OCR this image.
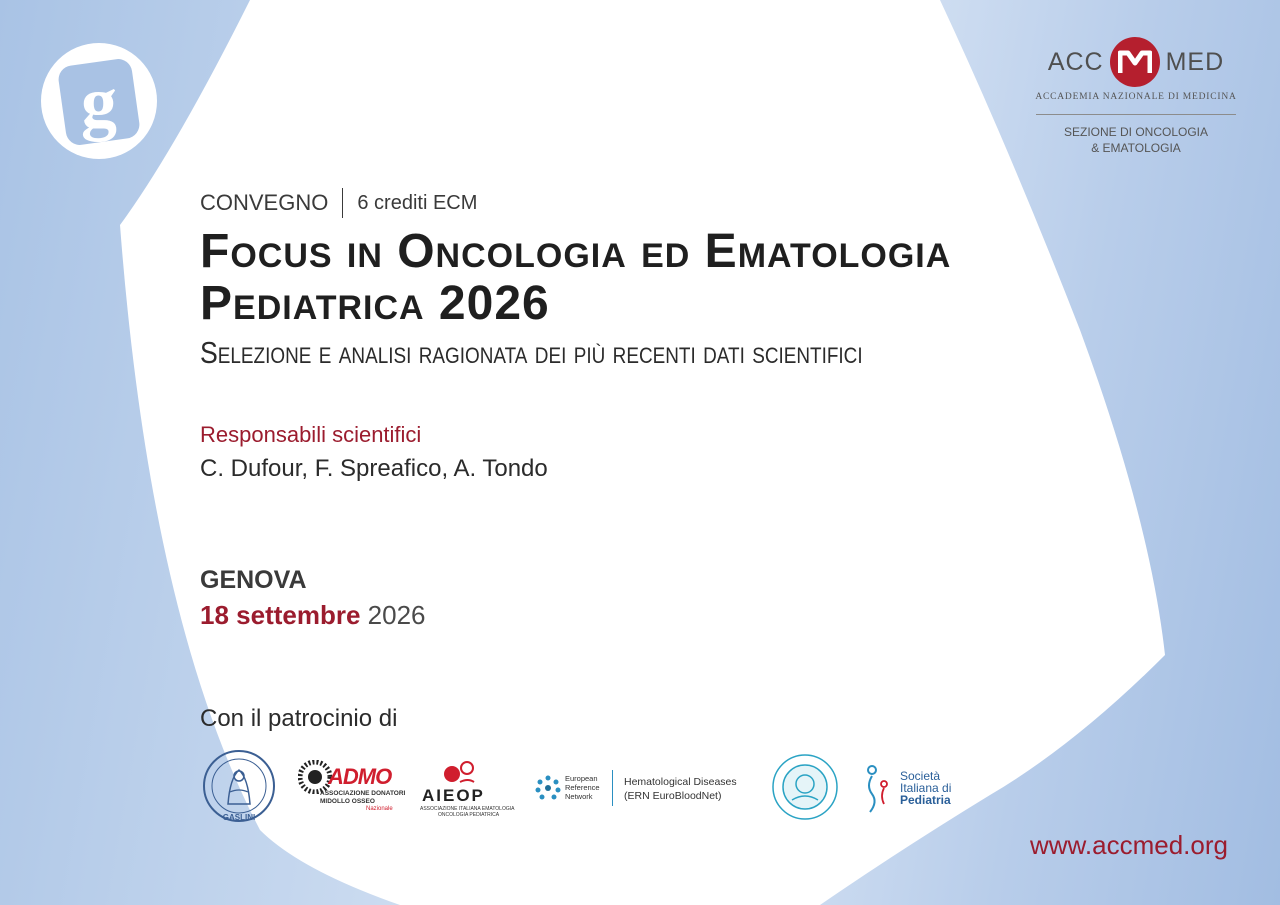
g
ACC MED
ACCADEMIA NAZIONALE DI MEDICINA
SEZIONE DI ONCOLOGIA
& EMATOLOGIA
CONVEGNO 6 crediti ECM
Focus in Oncologia ed Ematologia
Pediatrica 2026
Selezione e analisi ragionata dei più recenti dati scientifici
Responsabili scientifici
C. Dufour, F. Spreafico, A. Tondo
GENOVA
18 settembre 2026
Con il patrocinio di
GASLINI
ADMO
ASSOCIAZIONE DONATORI
MIDOLLO OSSEO
Nazionale
AIEOP
ASSOCIAZIONE ITALIANA EMATOLOGIA
ONCOLOGIA PEDIATRICA
European
Reference
Network
Hematological Diseases
(ERN EuroBloodNet)
Società
Italiana di
Pediatria
www.accmed.org
